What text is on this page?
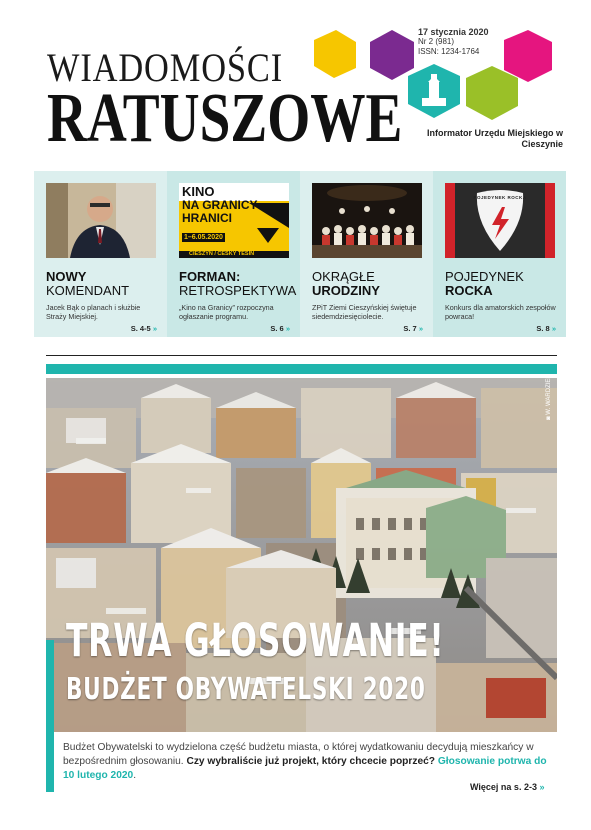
WIADOMOŚCI
RATUSZOWE
17 stycznia 2020
Nr 2 (981)
ISSN: 1234-1764
Informator Urzędu Miejskiego w Cieszynie
NOWY
KOMENDANT
Jacek Bąk o planach i służbie Straży Miejskiej.
S. 4-5 »
KINO
NA GRANICY
HRANICI
1–6.05.2020
CIESZYN / ČESKÝ TĚŠÍN
FORMAN:
RETROSPEKTYWA
„Kino na Granicy” rozpoczyna ogłaszanie programu.
S. 6 »
OKRĄGŁE
URODZINY
ZPiT Ziemi Cieszyńskiej świętuje siedemdziesięciolecie.
S. 7 »
POJEDYNEK ROCKA
POJEDYNEK
ROCKA
Konkurs dla amatorskich zespołów powraca!
S. 8 »
◙ W. WARDZIEL
TRWA GŁOSOWANIE!
BUDŻET OBYWATELSKI 2020
Budżet Obywatelski to wydzielona część budżetu miasta, o której wydatkowaniu decydują mieszkańcy w bezpośrednim głosowaniu. Czy wybraliście już projekt, który chcecie poprzeć? Głosowanie potrwa do 10 lutego 2020.
Więcej na s. 2-3 »
